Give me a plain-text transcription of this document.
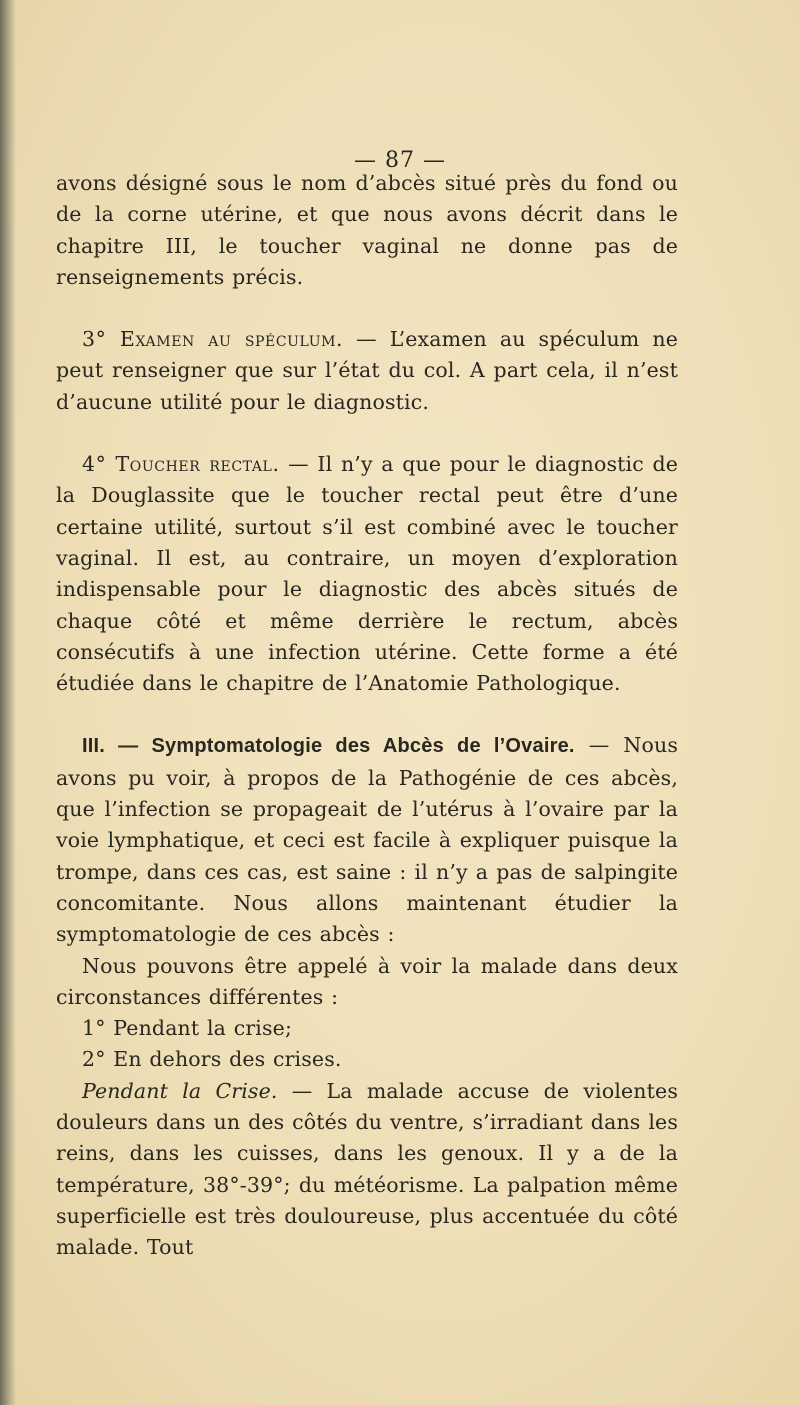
— 87 —

avons désigné sous le nom d’abcès situé près du fond ou de la corne utérine, et que nous avons décrit dans le chapitre III, le toucher vaginal ne donne pas de renseignements précis.

3° Examen au spéculum. — L’examen au spéculum ne peut renseigner que sur l’état du col. A part cela, il n’est d’aucune utilité pour le diagnostic.

4° Toucher rectal. — Il n’y a que pour le diagnostic de la Douglassite que le toucher rectal peut être d’une certaine utilité, surtout s’il est combiné avec le toucher vaginal. Il est, au contraire, un moyen d’exploration indispensable pour le diagnostic des abcès situés de chaque côté et même derrière le rectum, abcès consécutifs à une infection utérine. Cette forme a été étudiée dans le chapitre de l’Anatomie Pathologique.

III. — Symptomatologie des Abcès de l’Ovaire. — Nous avons pu voir, à propos de la Pathogénie de ces abcès, que l’infection se propageait de l’utérus à l’ovaire par la voie lymphatique, et ceci est facile à expliquer puisque la trompe, dans ces cas, est saine : il n’y a pas de salpingite concomitante. Nous allons maintenant étudier la symptomatologie de ces abcès :

Nous pouvons être appelé à voir la malade dans deux circonstances différentes :

1° Pendant la crise;

2° En dehors des crises.

Pendant la Crise. — La malade accuse de violentes douleurs dans un des côtés du ventre, s’irradiant dans les reins, dans les cuisses, dans les genoux. Il y a de la température, 38°-39°; du météorisme. La palpation même superficielle est très douloureuse, plus accentuée du côté malade. Tout
